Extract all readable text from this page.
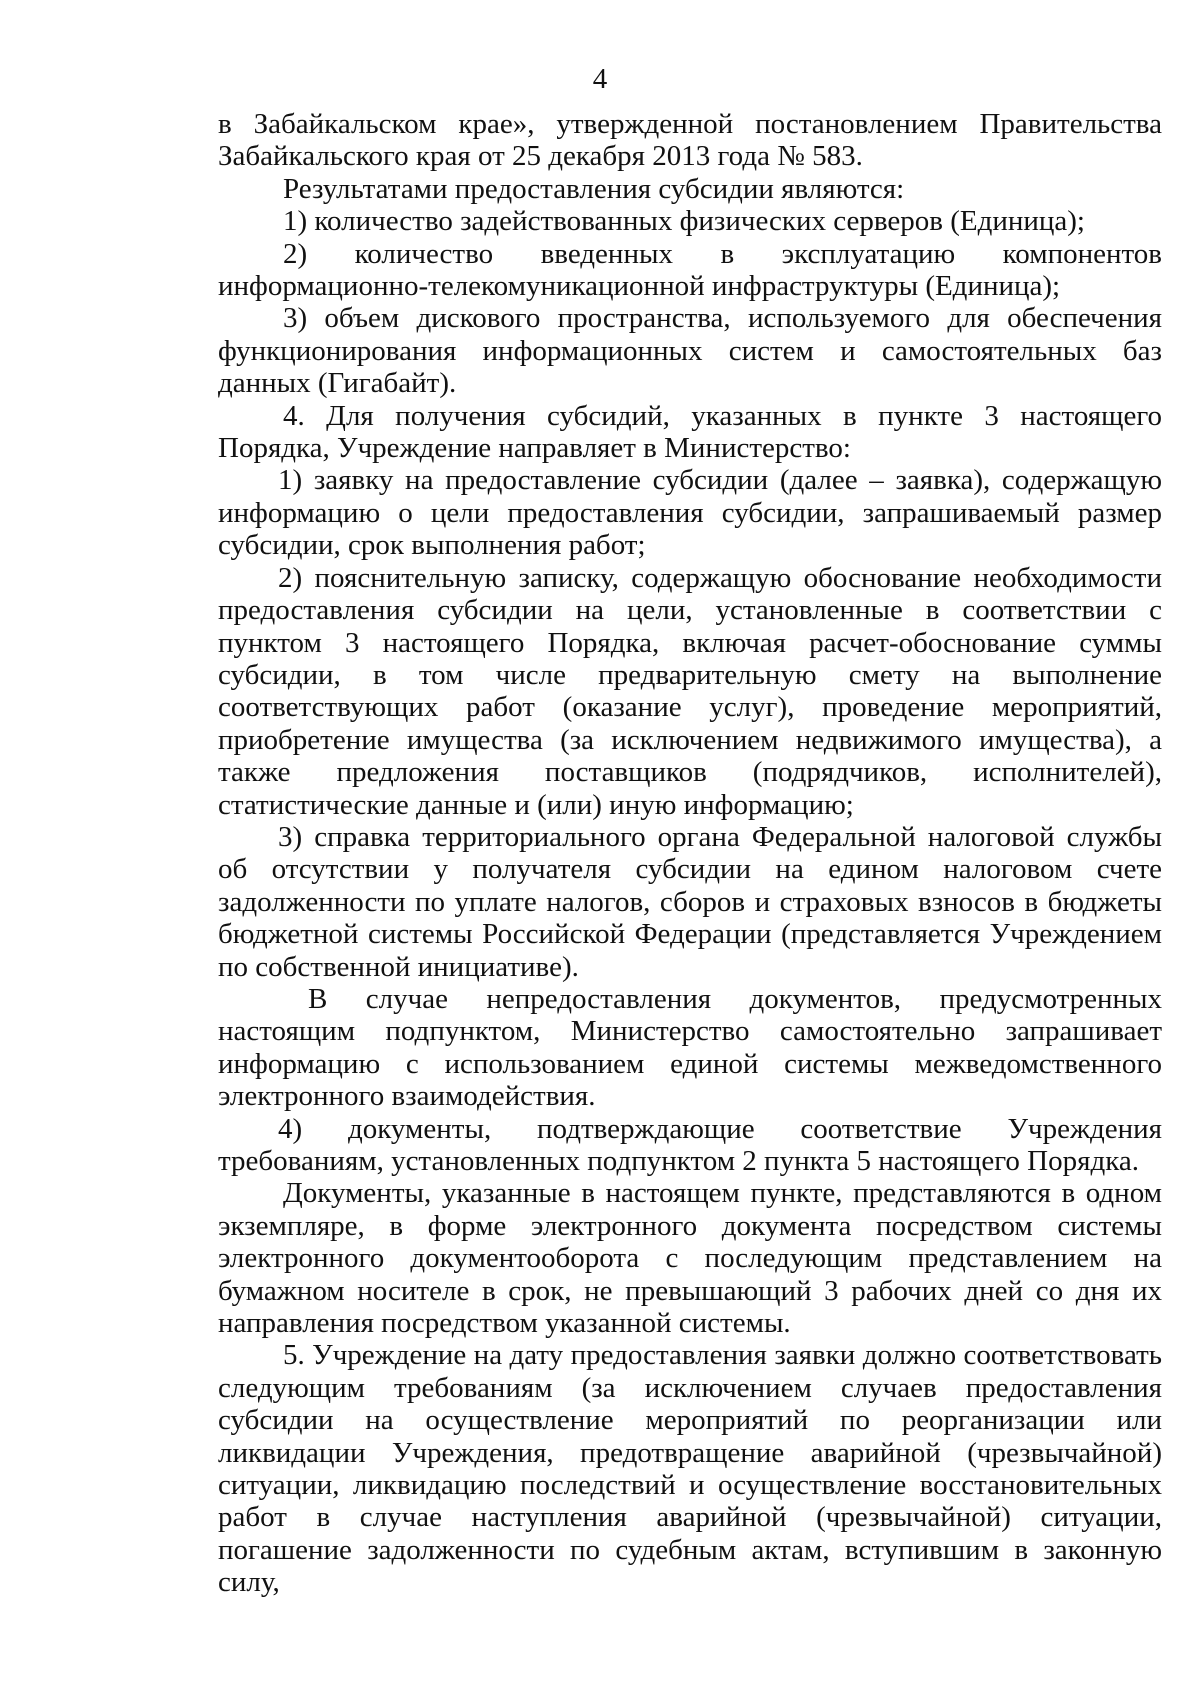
4

в Забайкальском крае», утвержденной постановлением Правительства Забайкальского края от 25 декабря 2013 года № 583.

Результатами предоставления субсидии являются:

1) количество задействованных физических серверов (Единица);

2) количество введенных в эксплуатацию компонентов информационно-телекомуникационной инфраструктуры (Единица);

3) объем дискового пространства, используемого для обеспечения функционирования информационных систем и самостоятельных баз данных (Гигабайт).

4. Для получения субсидий, указанных в пункте 3 настоящего Порядка, Учреждение направляет в Министерство:

1) заявку на предоставление субсидии (далее – заявка), содержащую информацию о цели предоставления субсидии, запрашиваемый размер субсидии, срок выполнения работ;

2) пояснительную записку, содержащую обоснование необходимости предоставления субсидии на цели, установленные в соответствии с пунктом 3 настоящего Порядка, включая расчет-обоснование суммы субсидии, в том числе предварительную смету на выполнение соответствующих работ (оказание услуг), проведение мероприятий, приобретение имущества (за исключением недвижимого имущества), а также предложения поставщиков (подрядчиков, исполнителей), статистические данные и (или) иную информацию;

3) справка территориального органа Федеральной налоговой службы об отсутствии у получателя субсидии на едином налоговом счете задолженности по уплате налогов, сборов и страховых взносов в бюджеты бюджетной системы Российской Федерации (представляется Учреждением по собственной инициативе).

В случае непредоставления документов, предусмотренных настоящим подпунктом, Министерство самостоятельно запрашивает информацию с использованием единой системы межведомственного электронного взаимодействия.

4) документы, подтверждающие соответствие Учреждения требованиям, установленных подпунктом 2 пункта 5 настоящего Порядка.

Документы, указанные в настоящем пункте, представляются в одном экземпляре, в форме электронного документа посредством системы электронного документооборота с последующим представлением на бумажном носителе в срок, не превышающий 3 рабочих дней со дня их направления посредством указанной системы.

5. Учреждение на дату предоставления заявки должно соответствовать следующим требованиям (за исключением случаев предоставления субсидии на осуществление мероприятий по реорганизации или ликвидации Учреждения, предотвращение аварийной (чрезвычайной) ситуации, ликвидацию последствий и осуществление восстановительных работ в случае наступления аварийной (чрезвычайной) ситуации, погашение задолженности по судебным актам, вступившим в законную силу,
